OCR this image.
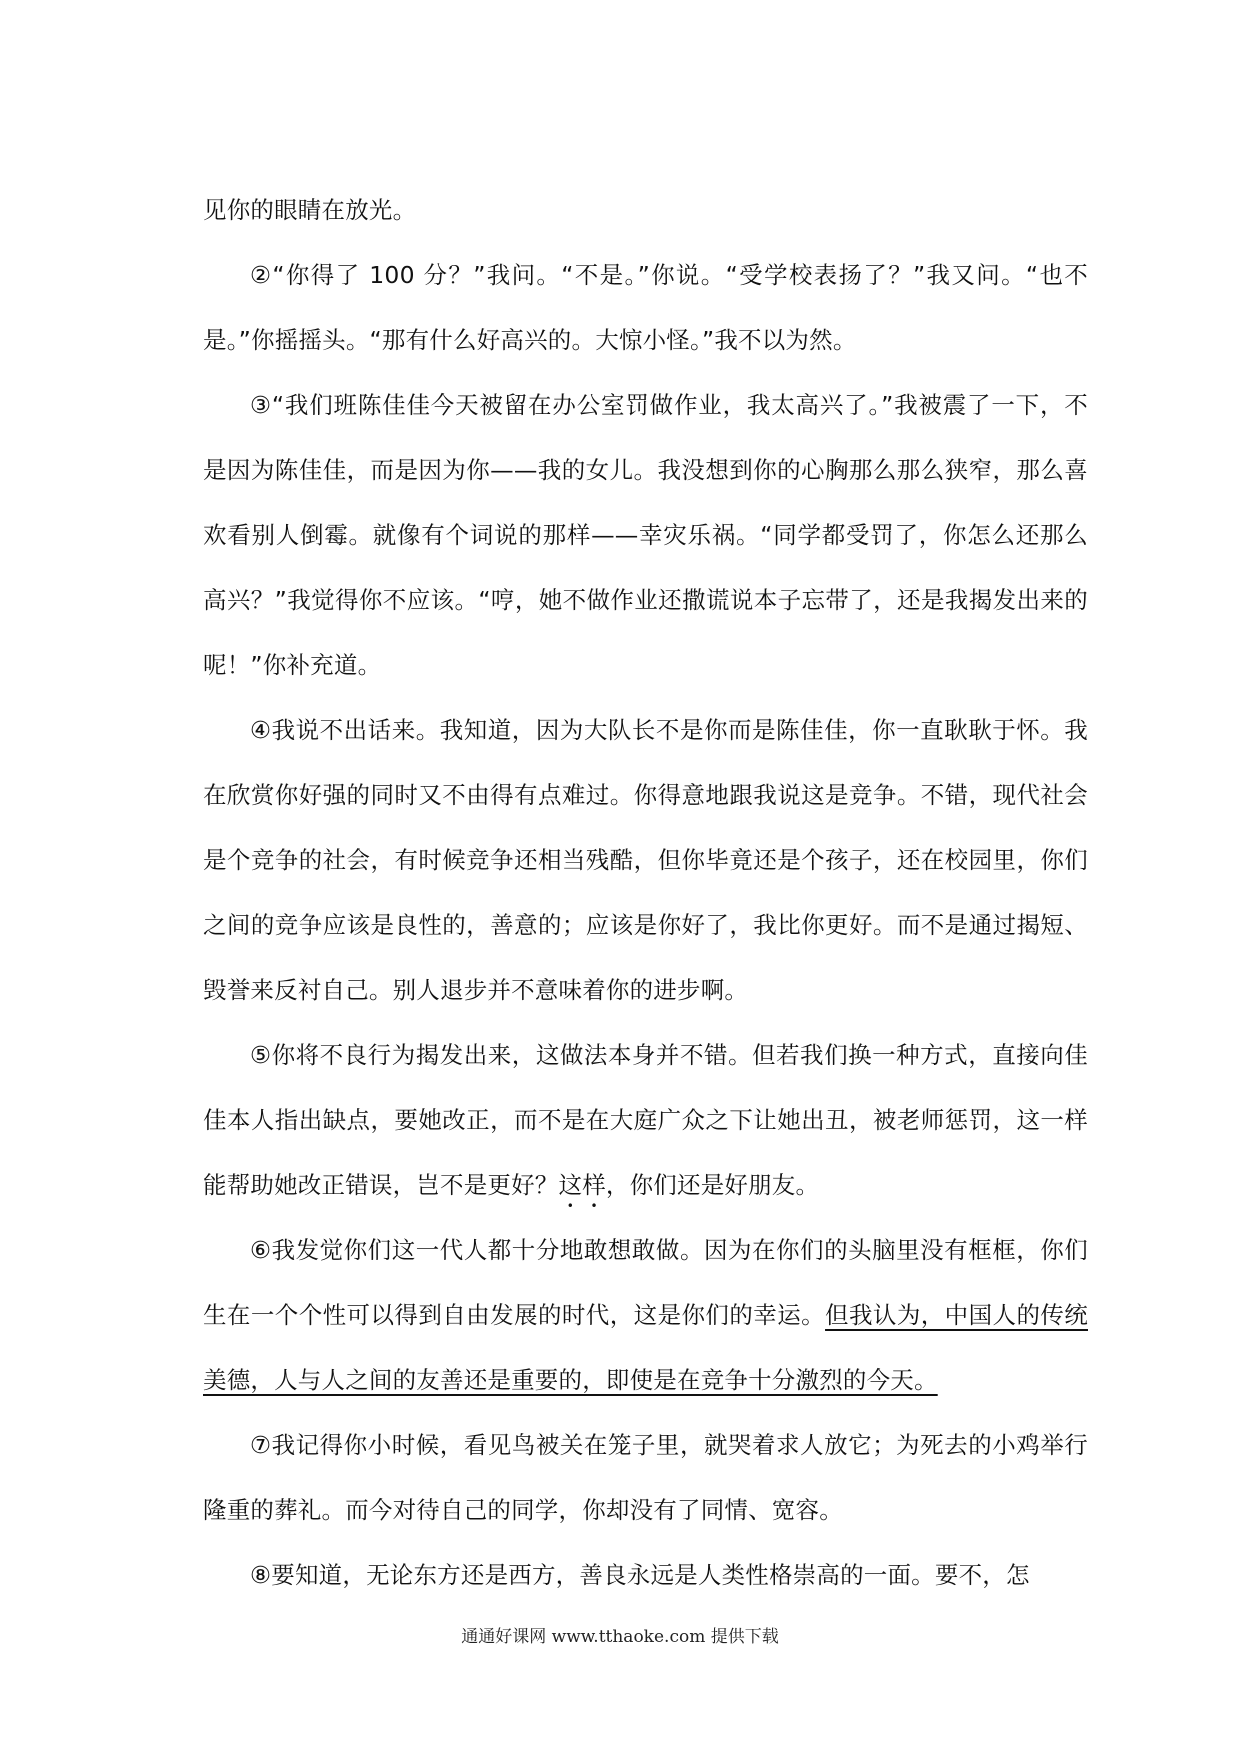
见你的眼睛在放光。

②“你得了 100 分？”我问。“不是。”你说。“受学校表扬了？”我又问。“也不是。”你摇摇头。“那有什么好高兴的。大惊小怪。”我不以为然。

③“我们班陈佳佳今天被留在办公室罚做作业，我太高兴了。”我被震了一下，不是因为陈佳佳，而是因为你——我的女儿。我没想到你的心胸那么那么狭窄，那么喜欢看别人倒霉。就像有个词说的那样——幸灾乐祸。“同学都受罚了，你怎么还那么高兴？”我觉得你不应该。“哼，她不做作业还撒谎说本子忘带了，还是我揭发出来的呢！”你补充道。

④我说不出话来。我知道，因为大队长不是你而是陈佳佳，你一直耿耿于怀。我在欣赏你好强的同时又不由得有点难过。你得意地跟我说这是竞争。不错，现代社会是个竞争的社会，有时候竞争还相当残酷，但你毕竟还是个孩子，还在校园里，你们之间的竞争应该是良性的，善意的；应该是你好了，我比你更好。而不是通过揭短、毁誉来反衬自己。别人退步并不意味着你的进步啊。

⑤你将不良行为揭发出来，这做法本身并不错。但若我们换一种方式，直接向佳佳本人指出缺点，要她改正，而不是在大庭广众之下让她出丑，被老师惩罚，这一样能帮助她改正错误，岂不是更好？这样，你们还是好朋友。

⑥我发觉你们这一代人都十分地敢想敢做。因为在你们的头脑里没有框框，你们生在一个个性可以得到自由发展的时代，这是你们的幸运。但我认为，中国人的传统美德，人与人之间的友善还是重要的，即使是在竞争十分激烈的今天。

⑦我记得你小时候，看见鸟被关在笼子里，就哭着求人放它；为死去的小鸡举行隆重的葬礼。而今对待自己的同学，你却没有了同情、宽容。

⑧要知道，无论东方还是西方，善良永远是人类性格崇高的一面。要不，怎

通通好课网 www.tthaoke.com 提供下载
